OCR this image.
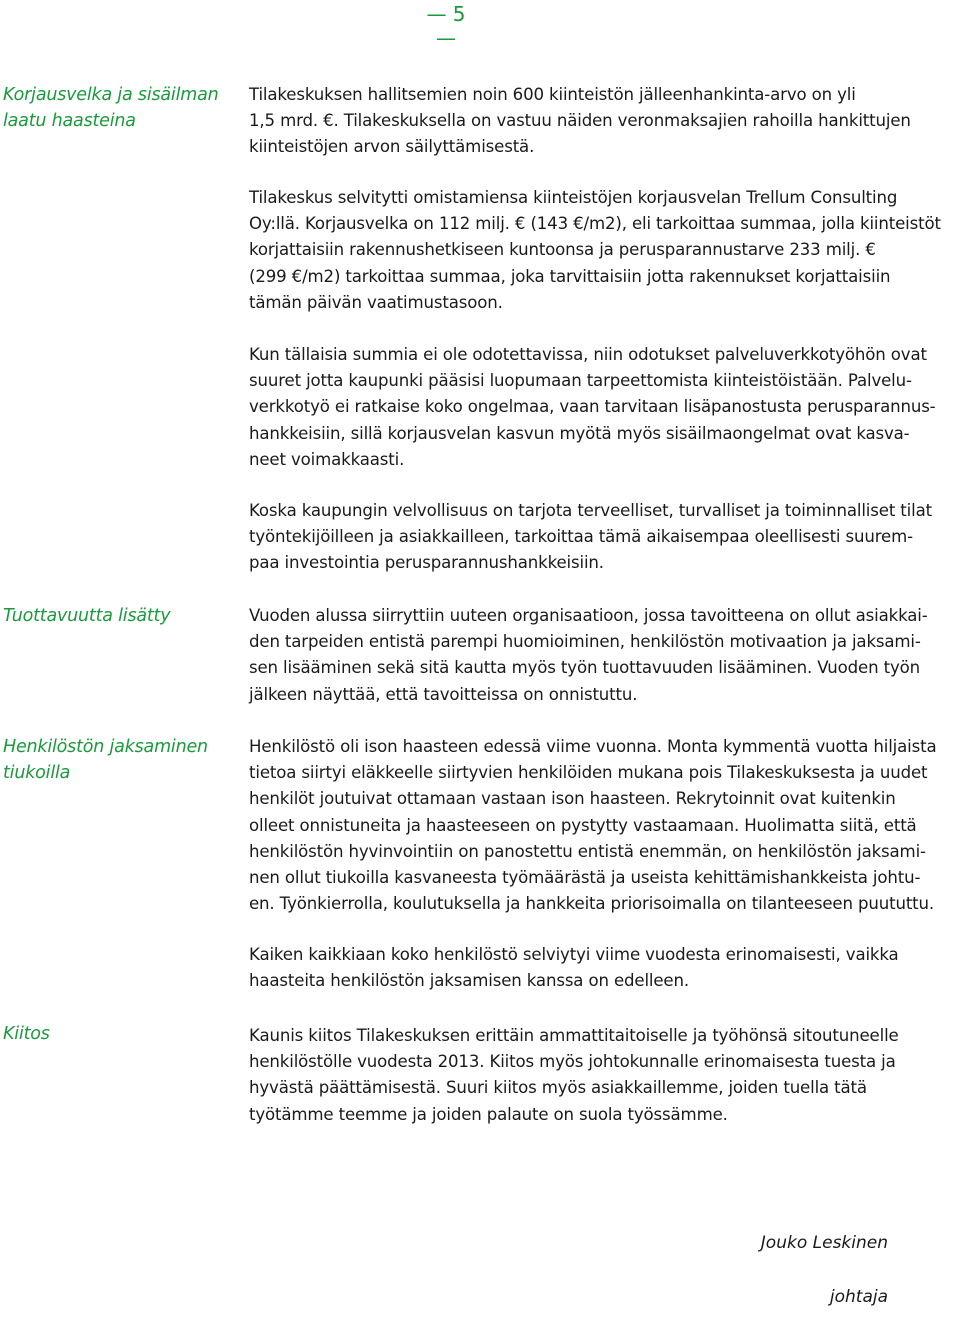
— 5 —
Korjausvelka ja sisäilman
laatu haasteina
Tuottavuutta lisätty
Henkilöstön jaksaminen
tiukoilla
Kiitos

Tilakeskuksen hallitsemien noin 600 kiinteistön jälleenhankinta-arvo on yli
1,5 mrd. €. Tilakeskuksella on vastuu näiden veronmaksajien rahoilla hankittujen
kiinteistöjen arvon säilyttämisestä.

Tilakeskus selvitytti omistamiensa kiinteistöjen korjausvelan Trellum Consulting
Oy:llä. Korjausvelka on 112 milj. € (143 €/m2), eli tarkoittaa summaa, jolla kiinteistöt
korjattaisiin rakennushetkiseen kuntoonsa ja perusparannustarve 233 milj. €
(299 €/m2) tarkoittaa summaa, joka tarvittaisiin jotta rakennukset korjattaisiin
tämän päivän vaatimustasoon.

Kun tällaisia summia ei ole odotettavissa, niin odotukset palveluverkkotyöhön ovat
suuret jotta kaupunki pääsisi luopumaan tarpeettomista kiinteistöistään. Palvelu-
verkkotyö ei ratkaise koko ongelmaa, vaan tarvitaan lisäpanostusta perusparannus-
hankkeisiin, sillä korjausvelan kasvun myötä myös sisäilmaongelmat ovat kasva-
neet voimakkaasti.

Koska kaupungin velvollisuus on tarjota terveelliset, turvalliset ja toiminnalliset tilat
työntekijöilleen ja asiakkailleen, tarkoittaa tämä aikaisempaa oleellisesti suurem-
paa investointia perusparannushankkeisiin.

Vuoden alussa siirryttiin uuteen organisaatioon, jossa tavoitteena on ollut asiakkai-
den tarpeiden entistä parempi huomioiminen, henkilöstön motivaation ja jaksami-
sen lisääminen sekä sitä kautta myös työn tuottavuuden lisääminen. Vuoden työn
jälkeen näyttää, että tavoitteissa on onnistuttu.

Henkilöstö oli ison haasteen edessä viime vuonna. Monta kymmentä vuotta hiljaista
tietoa siirtyi eläkkeelle siirtyvien henkilöiden mukana pois Tilakeskuksesta ja uudet
henkilöt joutuivat ottamaan vastaan ison haasteen. Rekrytoinnit ovat kuitenkin
olleet onnistuneita ja haasteeseen on pystytty vastaamaan. Huolimatta siitä, että
henkilöstön hyvinvointiin on panostettu entistä enemmän, on henkilöstön jaksami-
nen ollut tiukoilla kasvaneesta työmäärästä ja useista kehittämishankkeista johtu-
en. Työnkierrolla, koulutuksella ja hankkeita priorisoimalla on tilanteeseen puututtu.

Kaiken kaikkiaan koko henkilöstö selviytyi viime vuodesta erinomaisesti, vaikka
haasteita henkilöstön jaksamisen kanssa on edelleen.

Kaunis kiitos Tilakeskuksen erittäin ammattitaitoiselle ja työhönsä sitoutuneelle
henkilöstölle vuodesta 2013. Kiitos myös johtokunnalle erinomaisesta tuesta ja
hyvästä päättämisestä. Suuri kiitos myös asiakkaillemme, joiden tuella tätä
työtämme teemme ja joiden palaute on suola työssämme.

Jouko Leskinen

johtaja
